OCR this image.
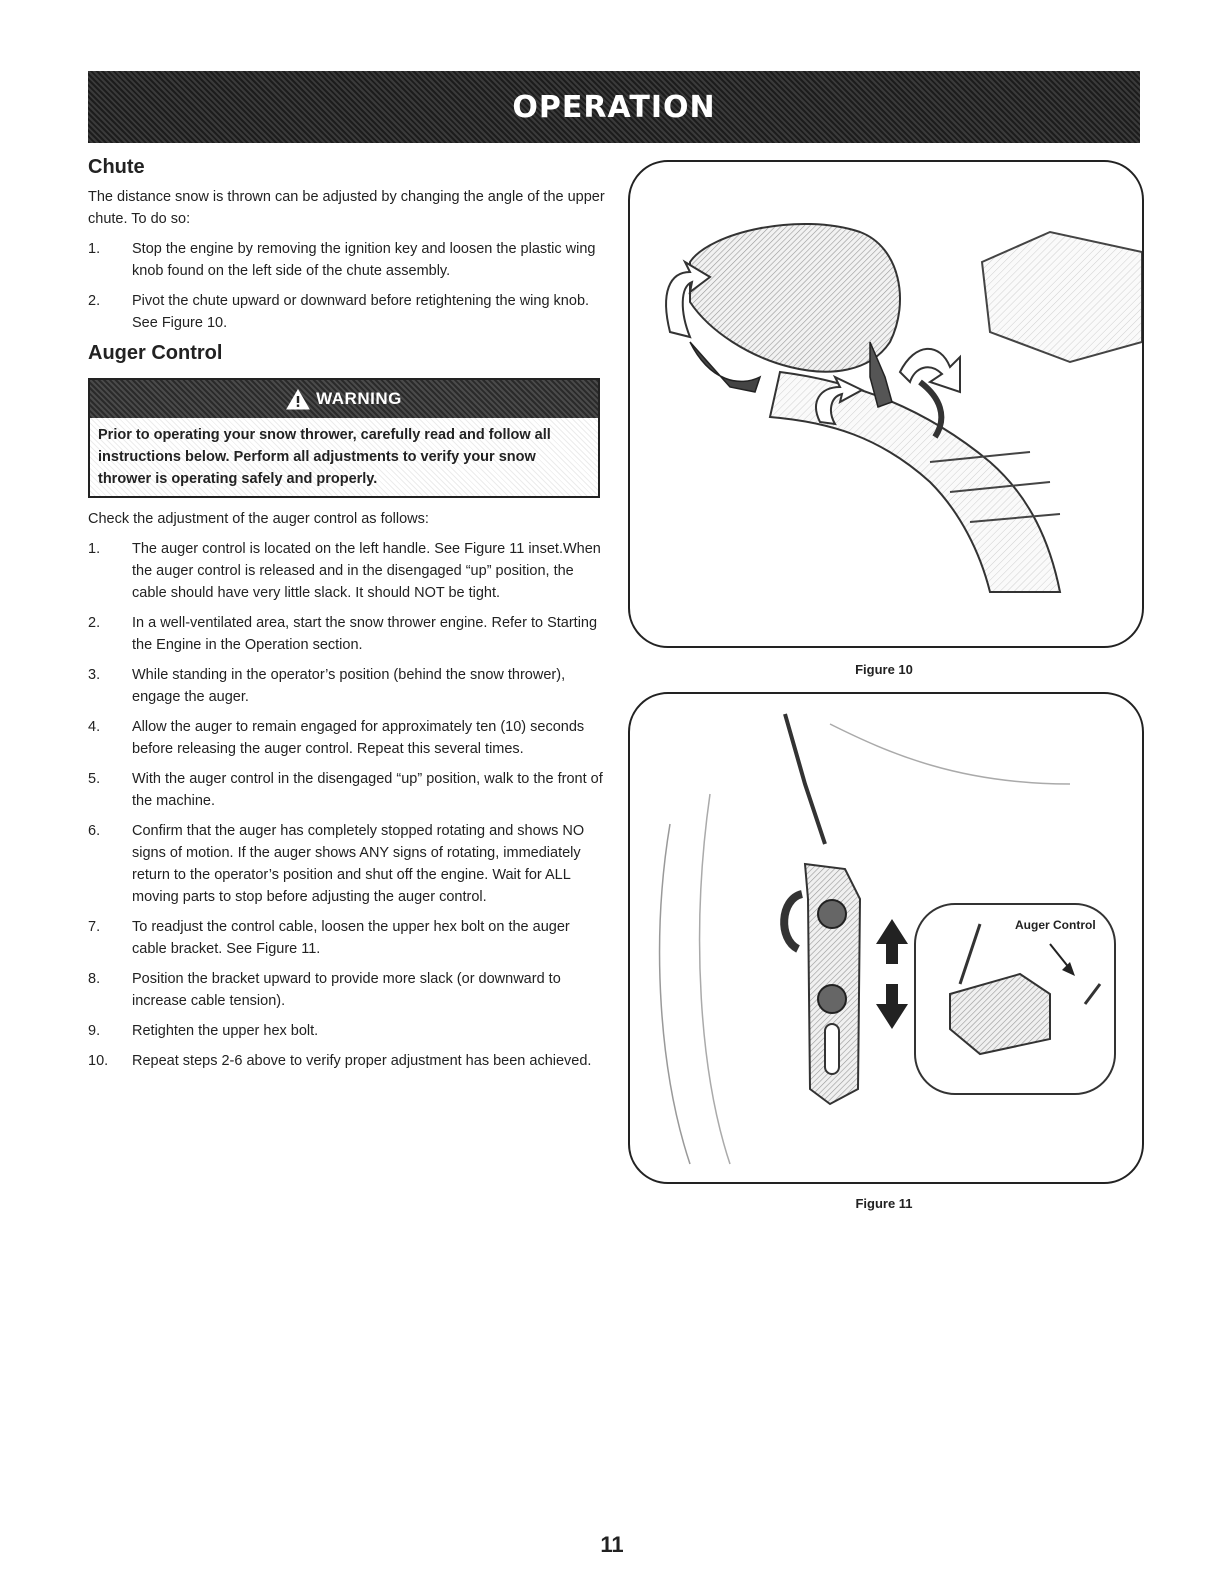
OPERATION
Chute

The distance snow is thrown can be adjusted by changing the angle of the upper chute. To do so:

1.	Stop the engine by removing the ignition key and loosen the plastic wing knob found on the left side of the chute assembly.
2.	Pivot the chute upward or downward before retightening the wing knob. See Figure 10.
Auger Control
WARNING
Prior to operating your snow thrower, carefully read and follow all instructions below. Perform all adjustments to verify your snow thrower is operating safely and properly.

Check the adjustment of the auger control as follows:

1.	The auger control is located on the left handle. See Figure 11 inset.When the auger control is released and in the disengaged “up” position, the cable should have very little slack. It should NOT be tight.
2.	In a well-ventilated area, start the snow thrower engine. Refer to Starting the Engine in the Operation section.
3.	While standing in the operator’s position (behind the snow thrower), engage the auger.
4.	Allow the auger to remain engaged for approximately ten (10) seconds before releasing the auger control. Repeat this several times.
5.	With the auger control in the disengaged “up” position, walk to the front of the machine.
6.	Confirm that the auger has completely stopped rotating and shows NO signs of motion. If the auger shows ANY signs of rotating, immediately return to the operator’s position and shut off the engine. Wait for ALL moving parts to stop before adjusting the auger control.
7.	To readjust the control cable, loosen the upper hex bolt on the auger cable bracket. See Figure 11.
8.	Position the bracket upward to provide more slack (or downward to increase cable tension).
9.	Retighten the upper hex bolt.
10.	Repeat steps 2-6 above to verify proper adjustment has been achieved.
Figure 10
Auger Control
Figure 11
11
